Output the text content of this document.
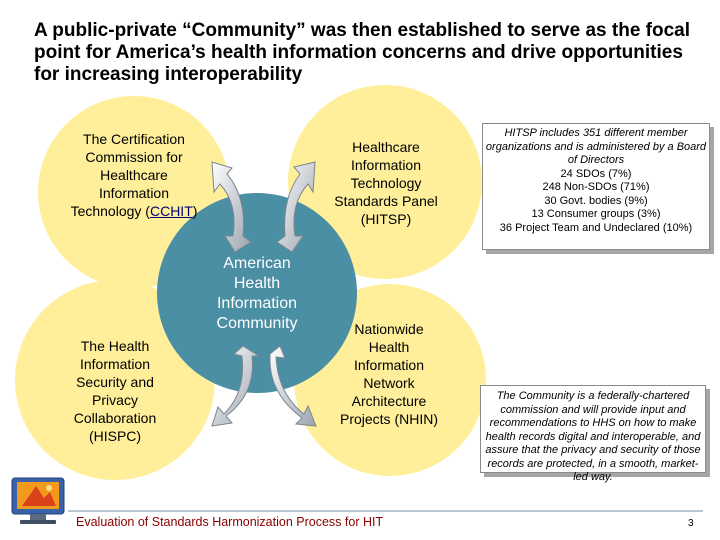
A public-private “Community” was then established to serve as the focal point for America’s health information concerns and drive opportunities for increasing interoperability
The Certification Commission for Healthcare Information Technology (CCHIT)
Healthcare Information Technology Standards Panel (HITSP)
The Health Information Security and Privacy Collaboration (HISPC)
Nationwide Health Information Network Architecture Projects (NHIN)
American Health Information Community
HITSP includes 351 different member organizations and is administered by a Board of Directors
24 SDOs (7%)
248 Non-SDOs (71%)
30 Govt. bodies (9%)
13 Consumer groups (3%)
36 Project Team and Undeclared (10%)
The Community is a federally-chartered commission and will provide input and recommendations to HHS on how to make health records digital and interoperable, and assure that the privacy and security of those records are protected, in a smooth, market-led way.
Evaluation of Standards Harmonization Process for HIT	3
